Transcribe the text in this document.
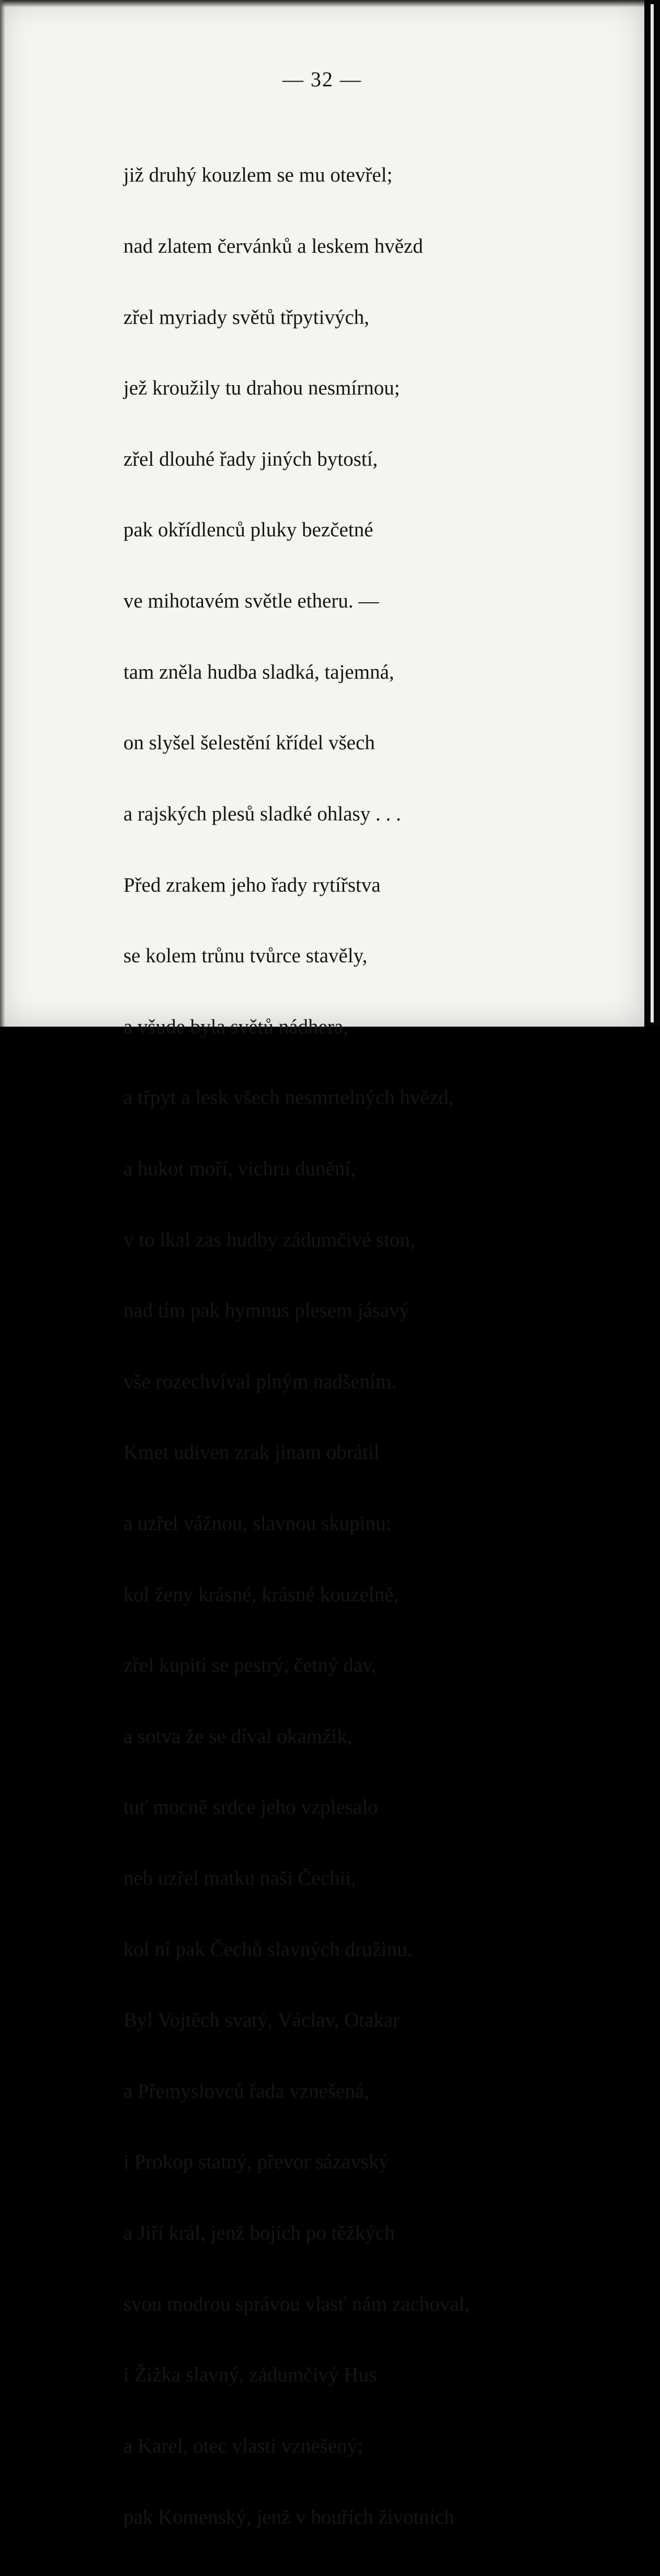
— 32 —

již druhý kouzlem se mu otevřel;

nad zlatem červánků a leskem hvězd

zřel myriady světů třpytivých,

jež kroužily tu drahou nesmírnou;

zřel dlouhé řady jiných bytostí,

pak okřídlenců pluky bezčetné

ve mihotavém světle etheru. —

tam zněla hudba sladká, tajemná,

on slyšel šelestění křídel všech

a rajských plesů sladké ohlasy . . .

Před zrakem jeho řady rytířstva

se kolem trůnu tvůrce stavěly,

a všude byla světů nádhera,

a třpyt a lesk všech nesmrtelných hvězd,

a hukot moří, vichru dunění,

v to lkal zas hudby zádumčivé ston,

nad tím pak hymnus plesem jásavý

vše rozechvíval plným nadšením.

Kmet udiven zrak jinam obrátil

a uzřel vážnou, slavnou skupinu:

kol ženy krásné, krásné kouzelně,

zřel kupiti se pestrý, četný dav,

a sotva že se díval okamžik,

tuť mocně srdce jeho vzplesalo

neb uzřel matku naši Čechii,

kol ní pak Čechů slavných družinu.

Byl Vojtěch svatý, Václav, Otakar

a Přemyslovců řada vznešená,

i Prokop statný, převor sázavský

a Jiří král, jenž bojích po těžkých

svou modrou správou vlasť nám zachoval,

i Žižka slavný, zádumčivý Hus

a Karel, otec vlasti vznešený;

pak Komenský, jenž v bouřích životních
